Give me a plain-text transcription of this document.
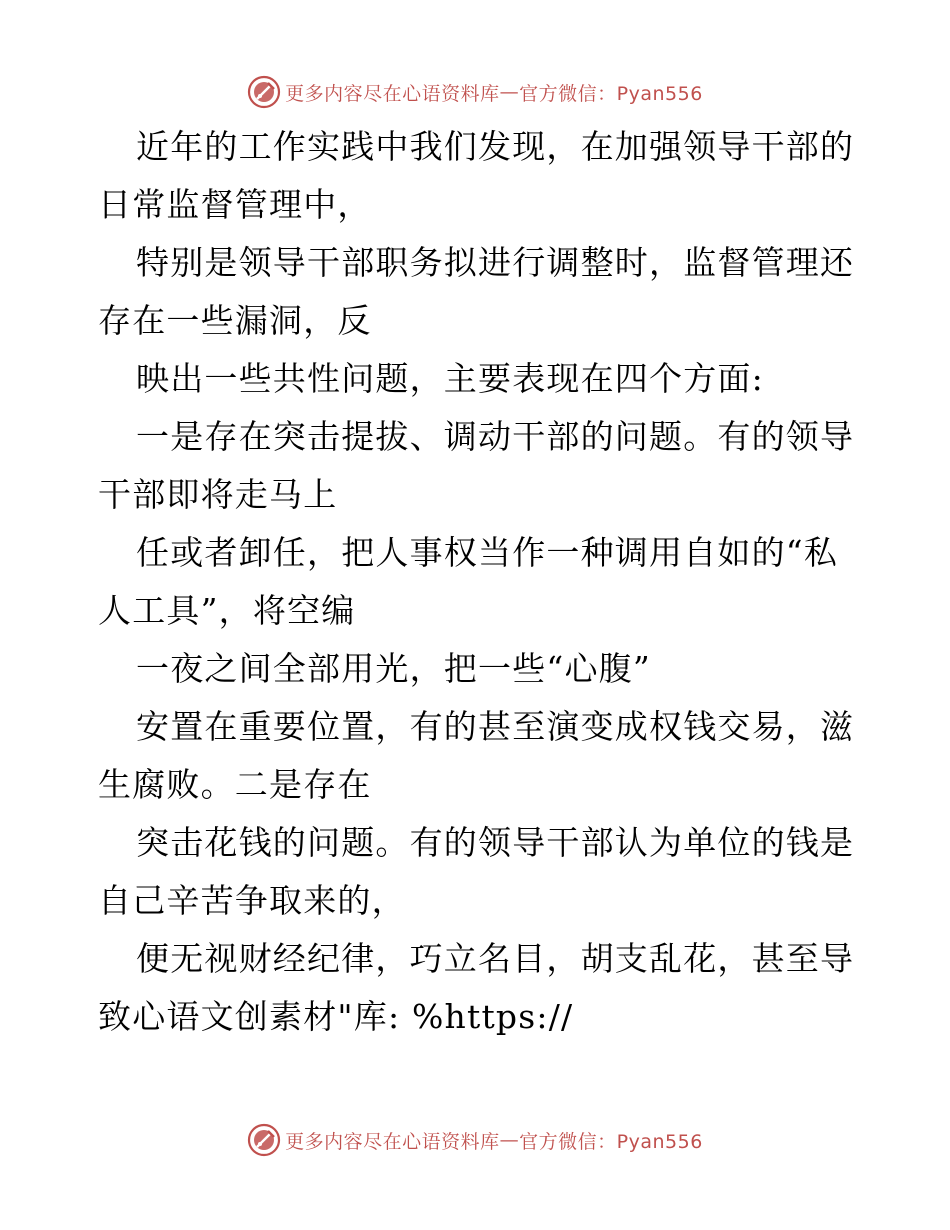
更多内容尽在心语资料库 — 官方微信：Pyan556
近年的工作实践中我们发现，在加强领导干部的
日常监督管理中，
特别是领导干部职务拟进行调整时，监督管理还
存在一些漏洞，反
映出一些共性问题，主要表现在四个方面:
一是存在突击提拔、调动干部的问题。有的领导
干部即将走马上
任或者卸任，把人事权当作一种调用自如的“私
人工具”，将空编
一夜之间全部用光，把一些“心腹”
安置在重要位置，有的甚至演变成权钱交易，滋
生腐败。二是存在
突击花钱的问题。有的领导干部认为单位的钱是
自己辛苦争取来的，
便无视财经纪律，巧立名目，胡支乱花，甚至导
致心语文创素材"库: %https://
更多内容尽在心语资料库 — 官方微信：Pyan556
